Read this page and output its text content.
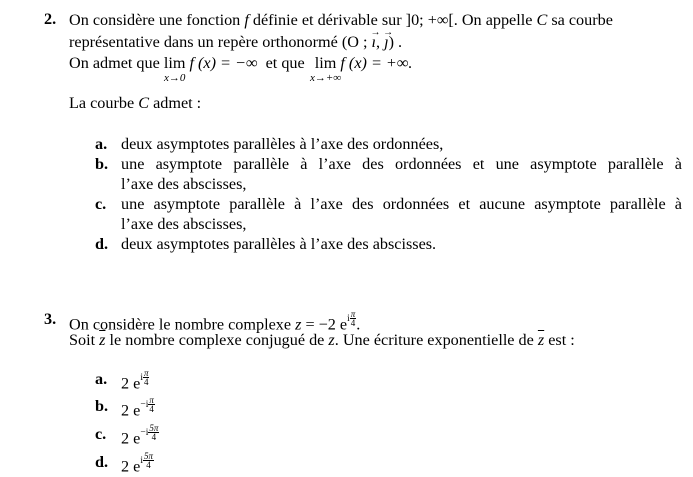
2. On considère une fonction f définie et dérivable sur ]0; +∞[. On appelle C sa courbe
représentative dans un repère orthonormé (O ; ı →, ȷ →) .
On admet que lim
x→0
f (x) = −∞ et que lim
x→+∞
f (x) = +∞.
La courbe C admet :
a. deux asymptotes parallèles à l’axe des ordonnées,
b. une asymptote parallèle à l’axe des ordonnées et une asymptote parallèle à
l’axe des abscisses,
c. une asymptote parallèle à l’axe des ordonnées et aucune asymptote parallèle à
l’axe des abscisses,
d. deux asymptotes parallèles à l’axe des abscisses.
3. On considère le nombre complexe z = −2 $e^{i \frac{\pi}{4}}$ .
Soit $\overline{z}$ le nombre complexe conjugué de z. Une écriture exponentielle de $\overline{z}$ est :
a. 2 $e^{i \frac{\pi}{4}}$
b. 2 $e^{-i \frac{\pi}{4}}$
c. 2 $e^{-i \frac{5\pi}{4}}$
d. 2 $e^{i \frac{5\pi}{4}}$
